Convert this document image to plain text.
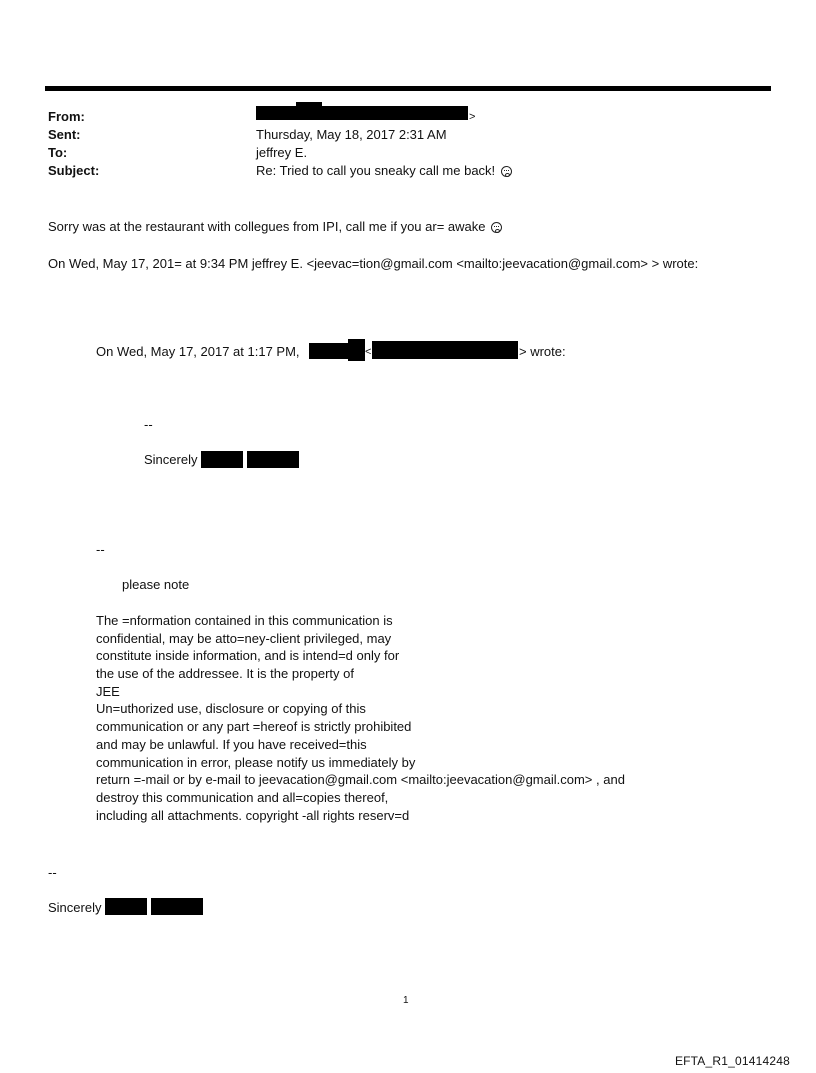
From:	>
Sent:	Thursday, May 18, 2017 2:31 AM
To:	jeffrey E.
Subject:	Re: Tried to call you sneaky call me back!
Sorry was at the restaurant with collegues from IPI, call me if you ar= awake
On Wed, May 17, 201= at 9:34 PM jeffrey E. <jeevac=tion@gmail.com <mailto:jeevacation@gmail.com> > wrote:
On Wed, May 17, 2017 at 1:17 PM,	<	> wrote:
--
Sincerely
--
please note
The =nformation contained in this communication is
confidential, may be atto=ney-client privileged, may
constitute inside information, and is intend=d only for
the use of the addressee. It is the property of
JEE
Un=uthorized use, disclosure or copying of this
communication or any part =hereof is strictly prohibited
and may be unlawful. If you have received=this
communication in error, please notify us immediately by
return =-mail or by e-mail to jeevacation@gmail.com <mailto:jeevacation@gmail.com> , and
destroy this communication and all=copies thereof,
including all attachments. copyright -all rights reserv=d
--
Sincerely
1
EFTA_R1_01414248
